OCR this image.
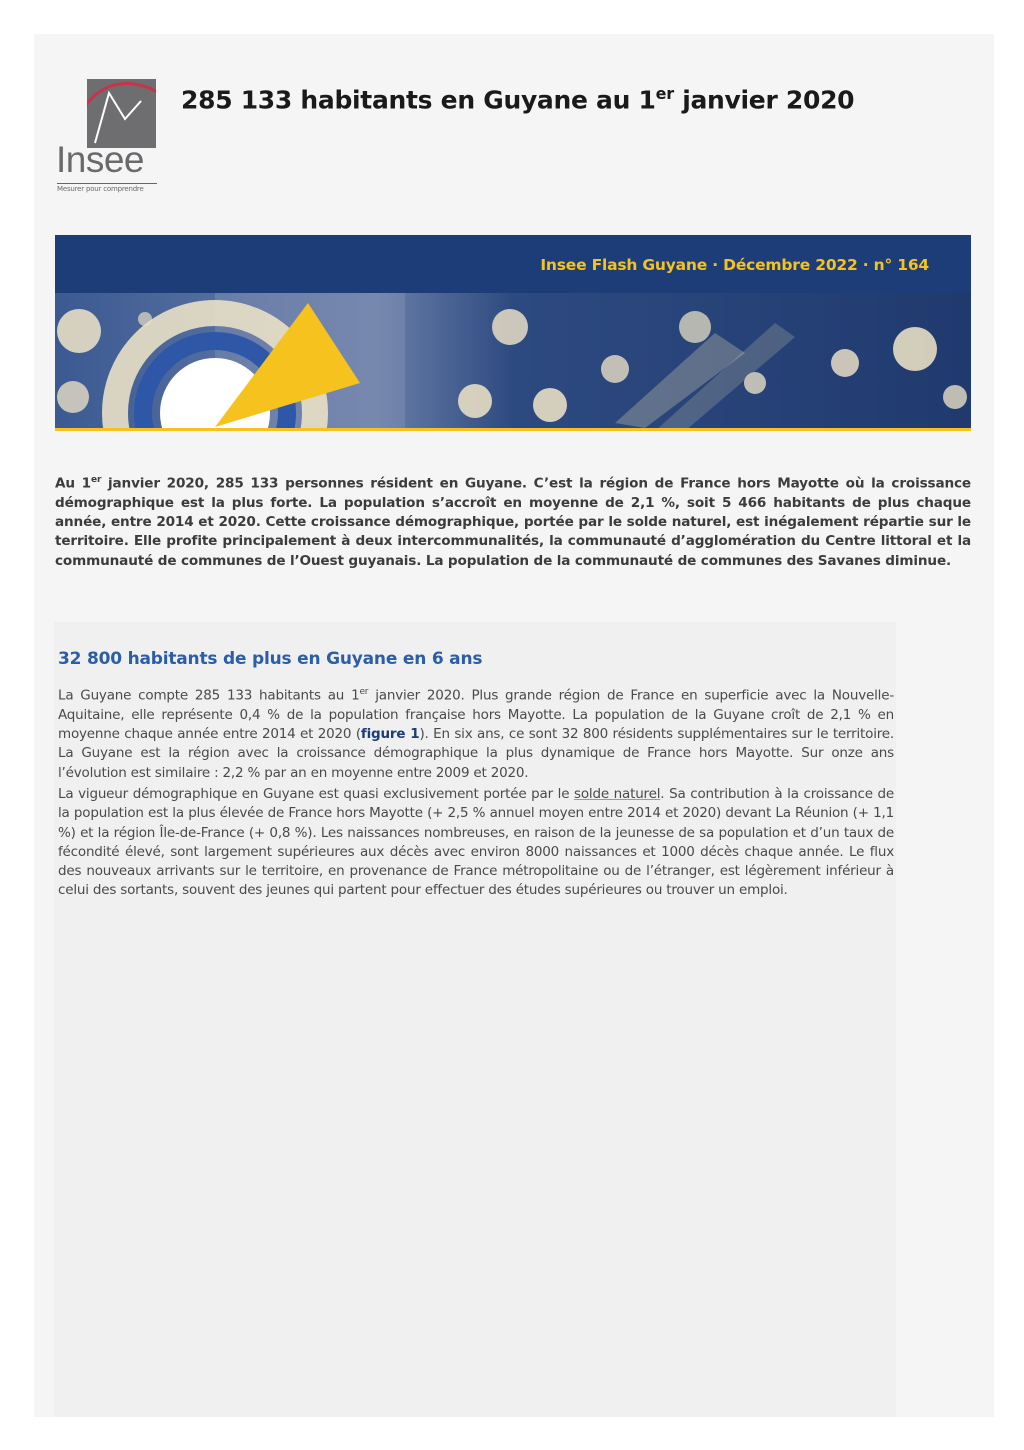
Insee
Mesurer pour comprendre
285 133 habitants en Guyane au 1er janvier 2020
Insee Flash Guyane · Décembre 2022 · n° 164

Au 1er janvier 2020, 285 133 personnes résident en Guyane. C’est la région de France hors Mayotte où la croissance démographique est la plus forte. La population s’accroît en moyenne de 2,1 %, soit 5 466 habitants de plus chaque année, entre 2014 et 2020. Cette croissance démographique, portée par le solde naturel, est inégalement répartie sur le territoire. Elle profite principalement à deux intercommunalités, la communauté d’agglomération du Centre littoral et la communauté de communes de l’Ouest guyanais. La population de la communauté de communes des Savanes diminue.

32 800 habitants de plus en Guyane en 6 ans

La Guyane compte 285 133 habitants au 1er janvier 2020. Plus grande région de France en superficie avec la Nouvelle-Aquitaine, elle représente 0,4 % de la population française hors Mayotte. La population de la Guyane croît de 2,1 % en moyenne chaque année entre 2014 et 2020 (figure 1). En six ans, ce sont 32 800 résidents supplémentaires sur le territoire. La Guyane est la région avec la croissance démographique la plus dynamique de France hors Mayotte. Sur onze ans l’évolution est similaire : 2,2 % par an en moyenne entre 2009 et 2020.

La vigueur démographique en Guyane est quasi exclusivement portée par le solde naturel. Sa contribution à la croissance de la population est la plus élevée de France hors Mayotte (+ 2,5 % annuel moyen entre 2014 et 2020) devant La Réunion (+ 1,1 %) et la région Île-de-France (+ 0,8 %). Les naissances nombreuses, en raison de la jeunesse de sa population et d’un taux de fécondité élevé, sont largement supérieures aux décès avec environ 8000 naissances et 1000 décès chaque année. Le flux des nouveaux arrivants sur le territoire, en provenance de France métropolitaine ou de l’étranger, est légèrement inférieur à celui des sortants, souvent des jeunes qui partent pour effectuer des études supérieures ou trouver un emploi.
